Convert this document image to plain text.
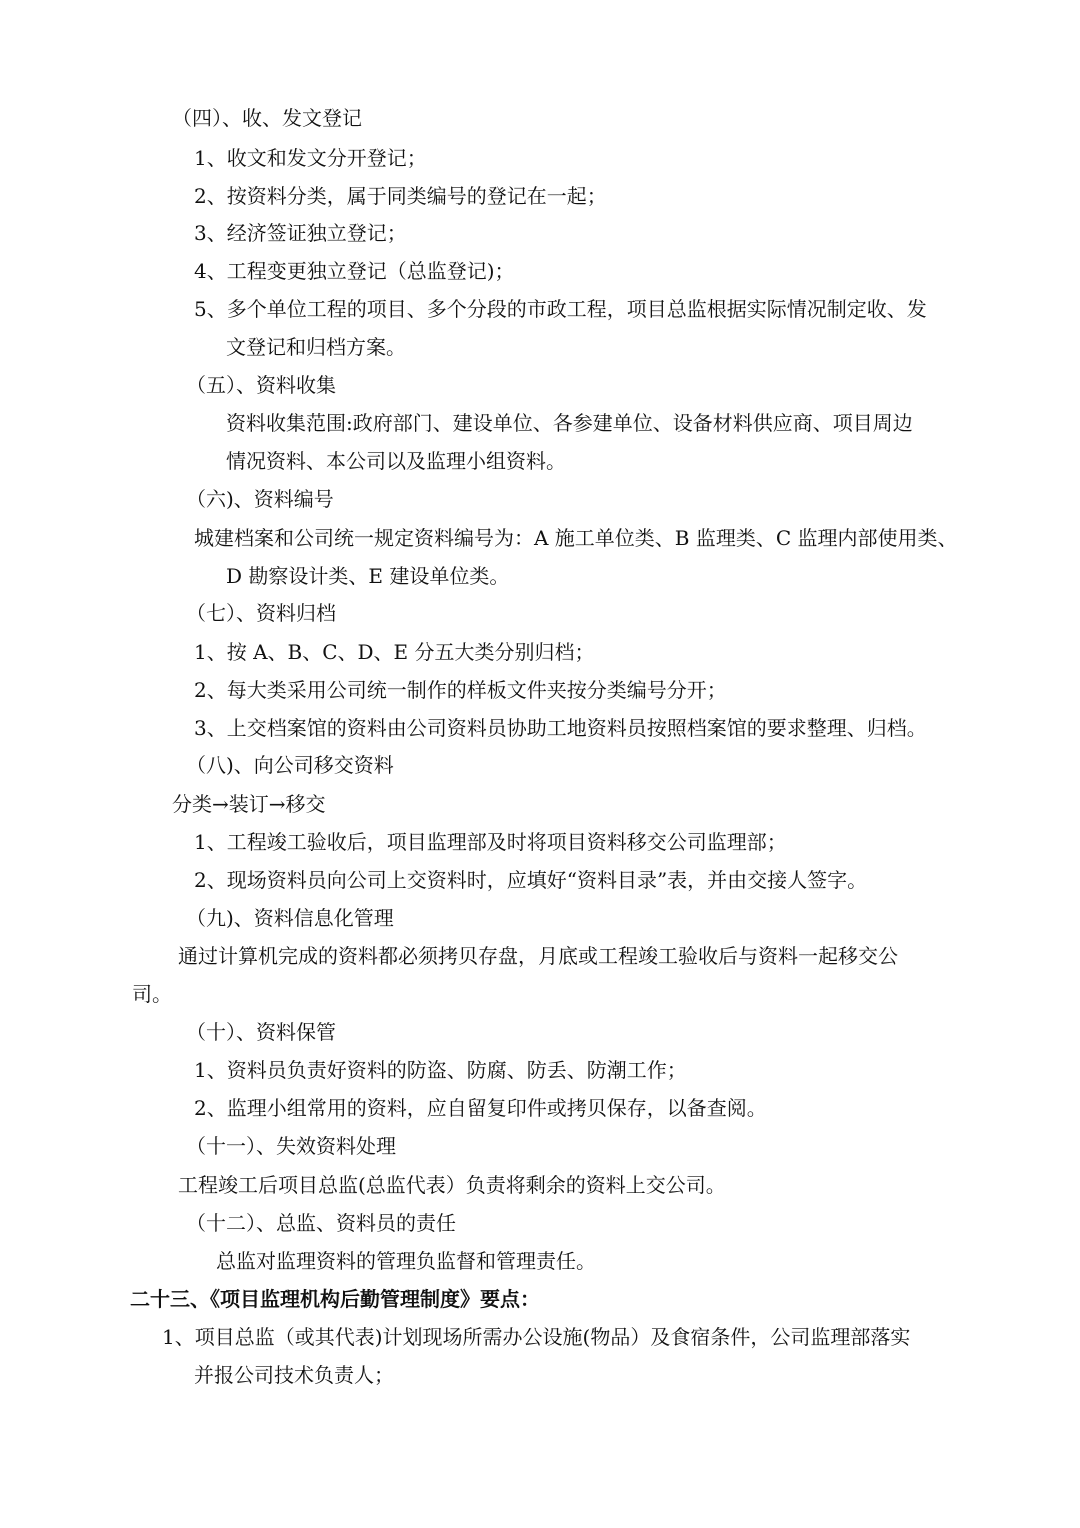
（四）、收、发文登记
1、收文和发文分开登记；
2、按资料分类，属于同类编号的登记在一起；
3、经济签证独立登记；
4、工程变更独立登记（总监登记)；
5、多个单位工程的项目、多个分段的市政工程，项目总监根据实际情况制定收、发
文登记和归档方案。
（五）、资料收集
资料收集范围:政府部门、建设单位、各参建单位、设备材料供应商、项目周边
情况资料、本公司以及监理小组资料。
（六)、资料编号
城建档案和公司统一规定资料编号为：A 施工单位类、B 监理类、C 监理内部使用类、
D 勘察设计类、E 建设单位类。
（七）、资料归档
1、按 A、B、C、D、E 分五大类分别归档；
2、每大类采用公司统一制作的样板文件夹按分类编号分开；
3、上交档案馆的资料由公司资料员协助工地资料员按照档案馆的要求整理、归档。
（八)、向公司移交资料
分类→装订→移交
1、工程竣工验收后，项目监理部及时将项目资料移交公司监理部；
2、现场资料员向公司上交资料时，应填好“资料目录”表，并由交接人签字。
（九)、资料信息化管理
通过计算机完成的资料都必须拷贝存盘，月底或工程竣工验收后与资料一起移交公
司。
（十）、资料保管
1、资料员负责好资料的防盗、防腐、防丢、防潮工作；
2、监理小组常用的资料，应自留复印件或拷贝保存，以备查阅。
（十一）、失效资料处理
工程竣工后项目总监(总监代表）负责将剩余的资料上交公司。
（十二）、总监、资料员的责任
总监对监理资料的管理负监督和管理责任。
二十三、《项目监理机构后勤管理制度》要点：
1、项目总监（或其代表)计划现场所需办公设施(物品）及食宿条件，公司监理部落实
并报公司技术负责人；
